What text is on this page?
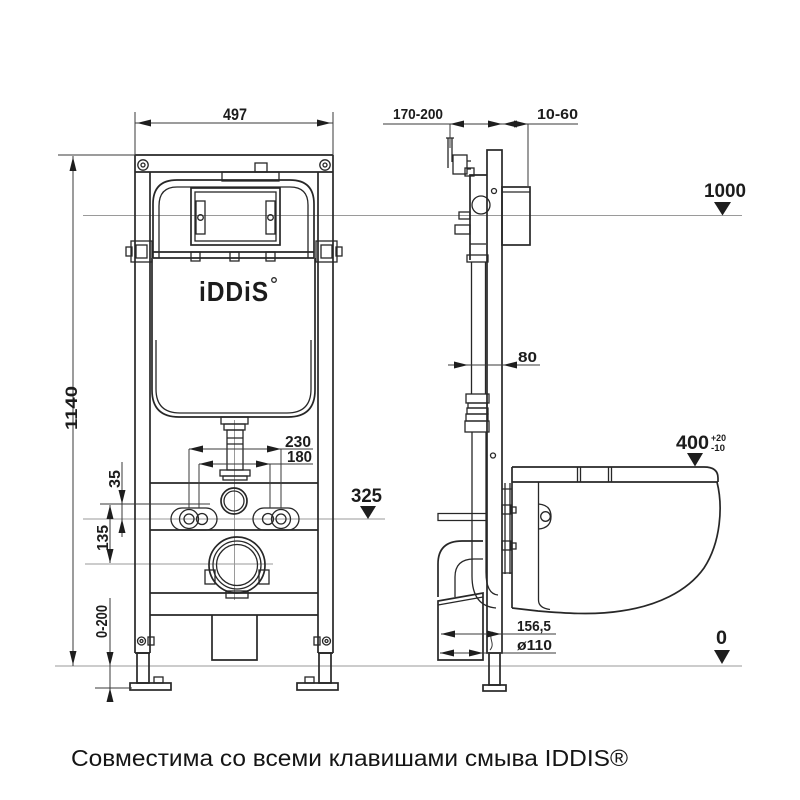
iDDiS
497
1140
35
135
0-200
230
180
325
170-200	10-60
80
1000
400 +20
-10
156,5
ø110	0
Совместима со всеми клавишами смыва IDDIS®
